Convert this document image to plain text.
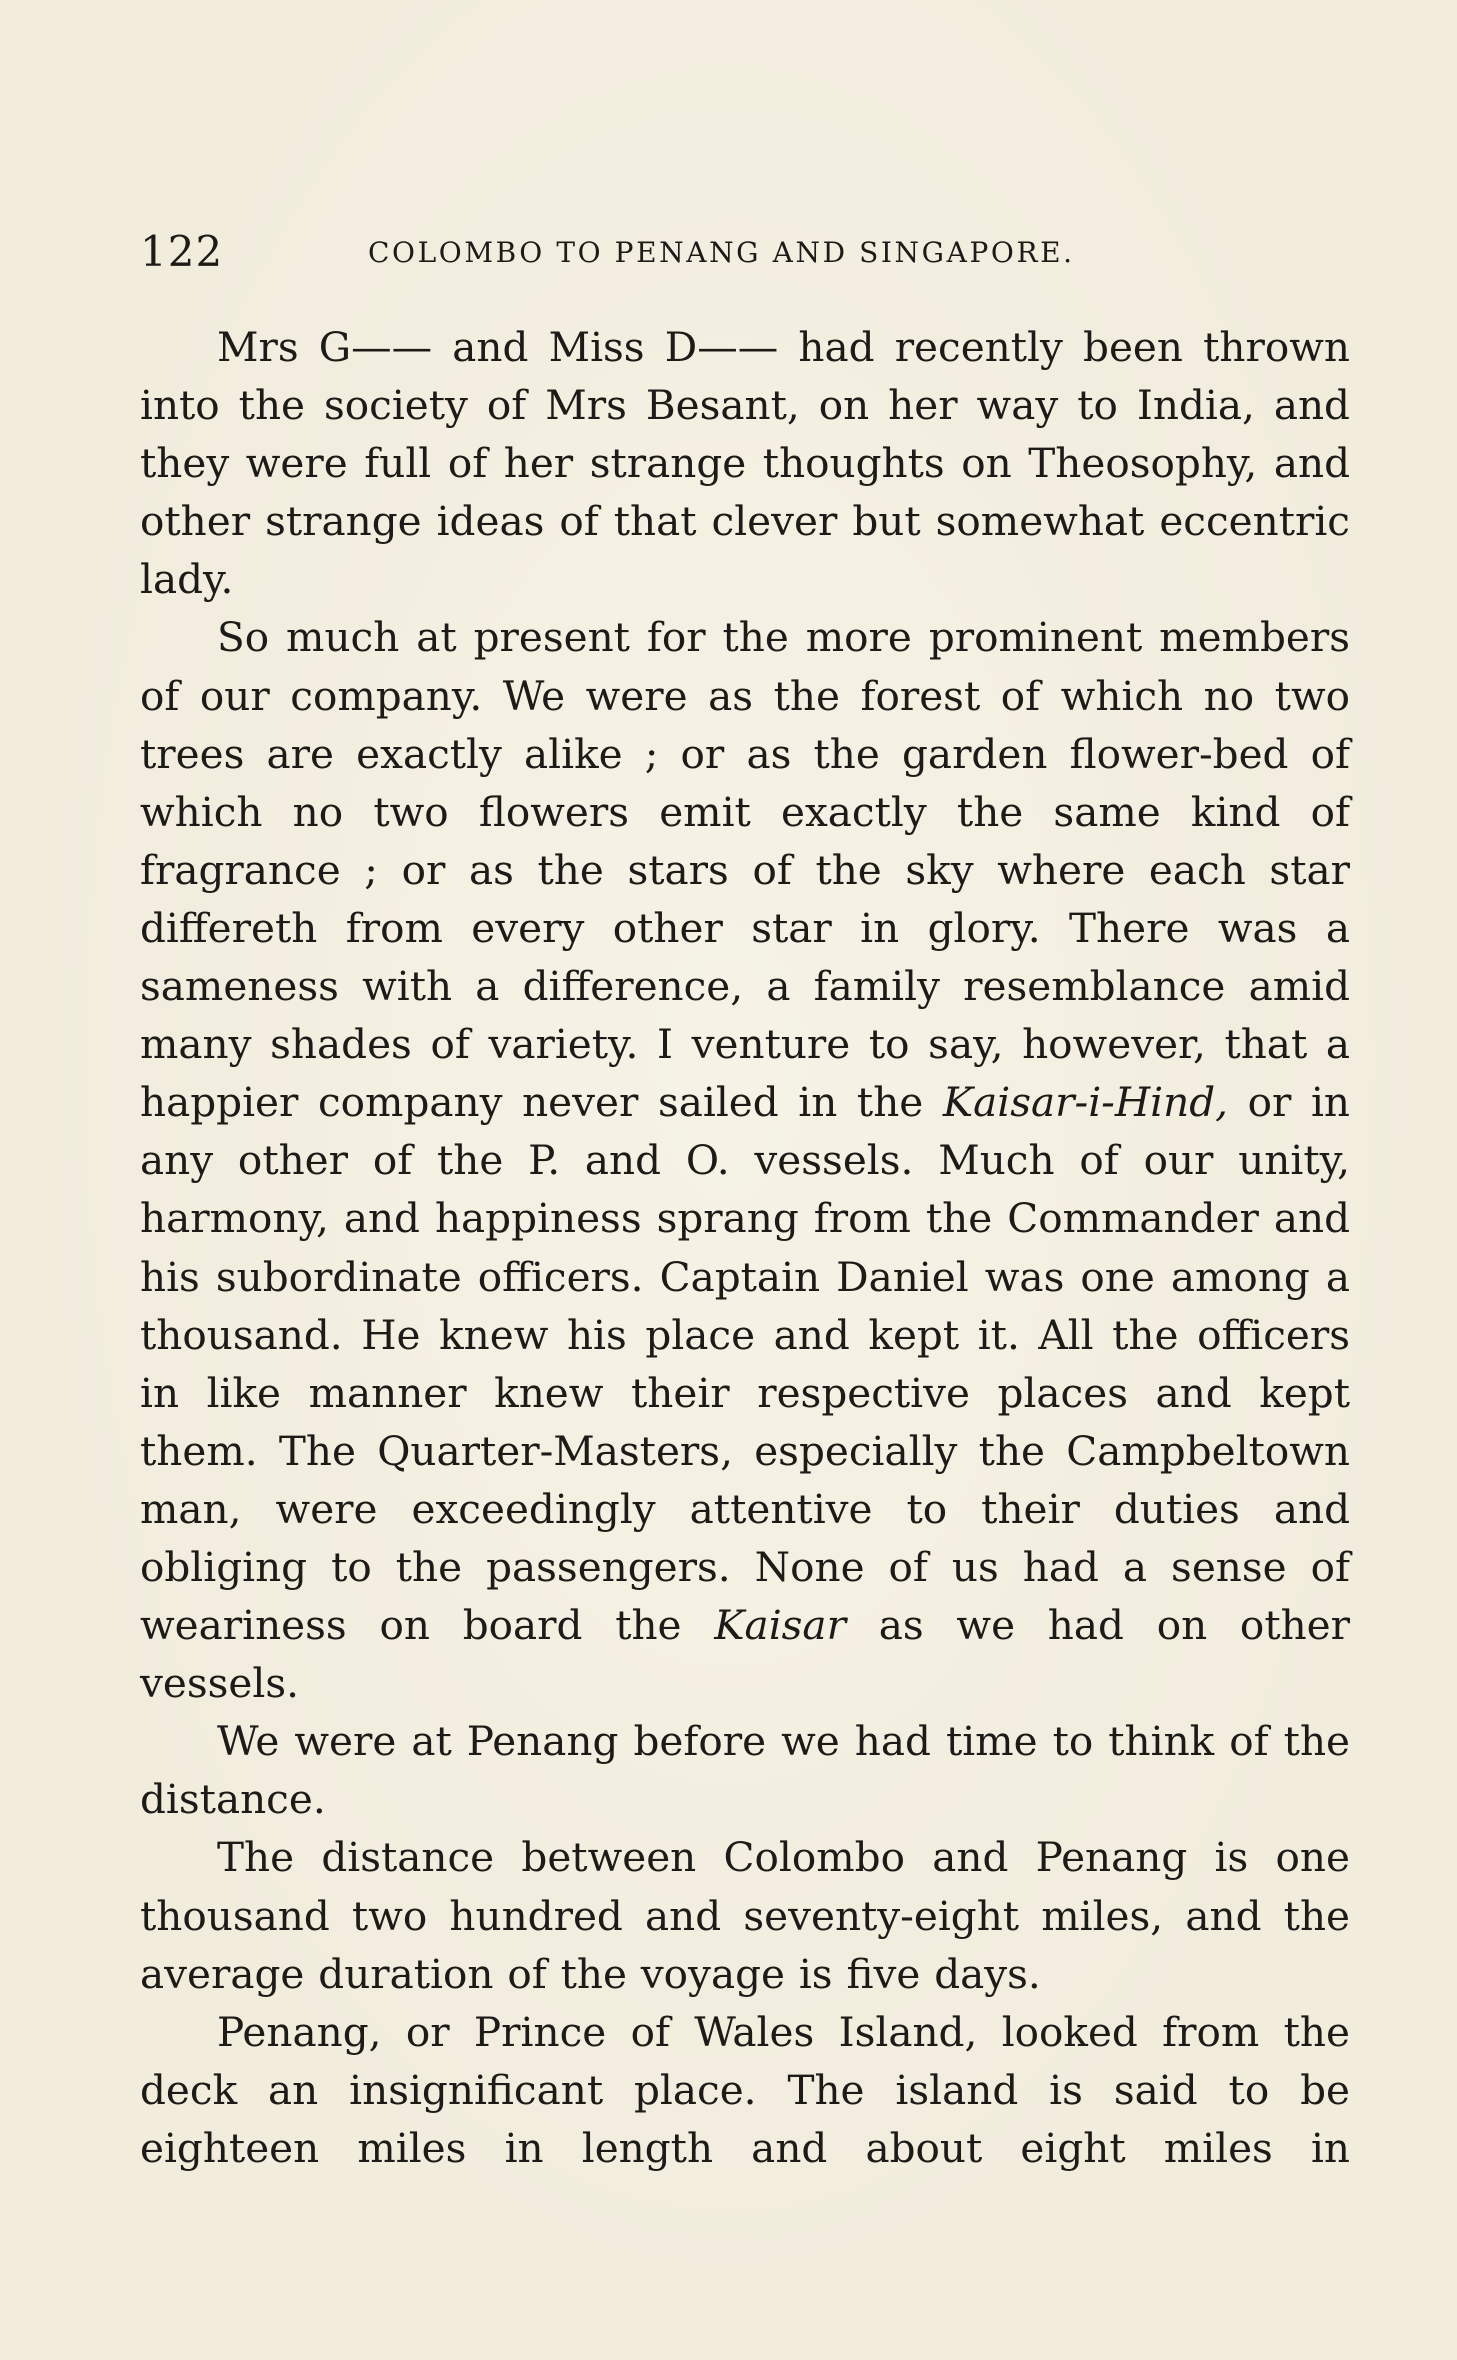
122	COLOMBO TO PENANG AND SINGAPORE.

Mrs G—— and Miss D—— had recently been thrown into the society of Mrs Besant, on her way to India, and they were full of her strange thoughts on Theosophy, and other strange ideas of that clever but somewhat eccentric lady.

So much at present for the more prominent members of our company. We were as the forest of which no two trees are exactly alike ; or as the garden flower-bed of which no two flowers emit exactly the same kind of fragrance ; or as the stars of the sky where each star differeth from every other star in glory. There was a sameness with a difference, a family resemblance amid many shades of variety. I venture to say, however, that a happier company never sailed in the Kaisar-i-Hind, or in any other of the P. and O. vessels. Much of our unity, harmony, and happiness sprang from the Commander and his subordinate officers. Captain Daniel was one among a thousand. He knew his place and kept it. All the officers in like manner knew their respective places and kept them. The Quarter-Masters, especially the Campbeltown man, were exceedingly attentive to their duties and obliging to the passengers. None of us had a sense of weariness on board the Kaisar as we had on other vessels.

We were at Penang before we had time to think of the distance.

The distance between Colombo and Penang is one thousand two hundred and seventy-eight miles, and the average duration of the voyage is five days.

Penang, or Prince of Wales Island, looked from the deck an insignificant place. The island is said to be eighteen miles in length and about eight miles in
